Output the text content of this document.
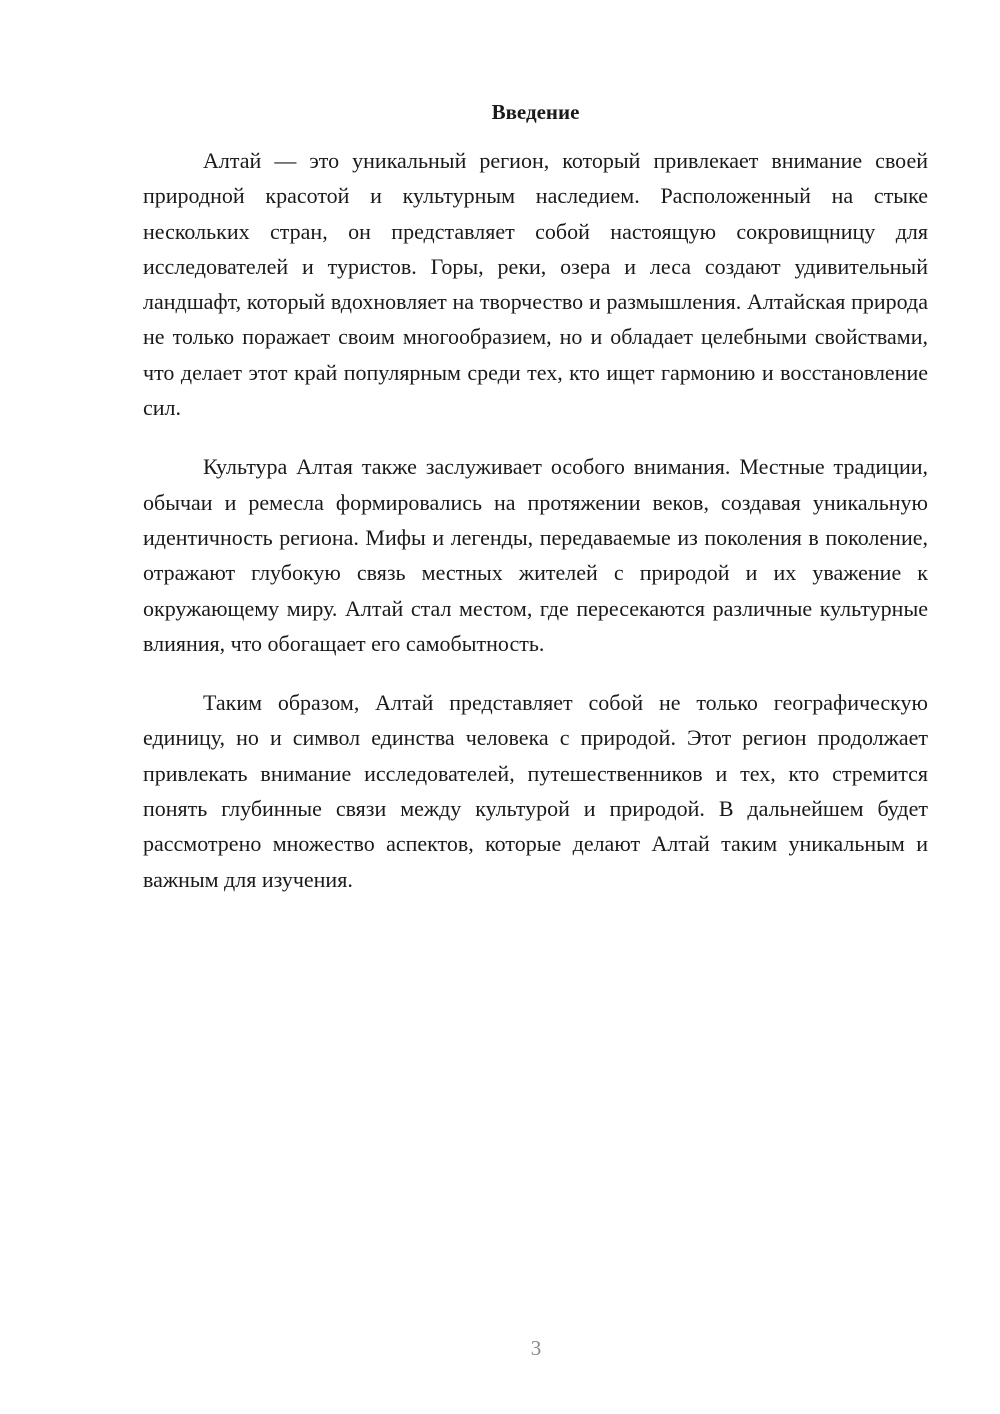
Введение

Алтай — это уникальный регион, который привлекает внимание своей природной красотой и культурным наследием. Расположенный на стыке нескольких стран, он представляет собой настоящую сокровищницу для исследователей и туристов. Горы, реки, озера и леса создают удивительный ландшафт, который вдохновляет на творчество и размышления. Алтайская природа не только поражает своим многообразием, но и обладает целебными свойствами, что делает этот край популярным среди тех, кто ищет гармонию и восстановление сил.

Культура Алтая также заслуживает особого внимания. Местные традиции, обычаи и ремесла формировались на протяжении веков, создавая уникальную идентичность региона. Мифы и легенды, передаваемые из поколения в поколение, отражают глубокую связь местных жителей с природой и их уважение к окружающему миру. Алтай стал местом, где пересекаются различные культурные влияния, что обогащает его самобытность.

Таким образом, Алтай представляет собой не только географическую единицу, но и символ единства человека с природой. Этот регион продолжает привлекать внимание исследователей, путешественников и тех, кто стремится понять глубинные связи между культурой и природой. В дальнейшем будет рассмотрено множество аспектов, которые делают Алтай таким уникальным и важным для изучения.

3
